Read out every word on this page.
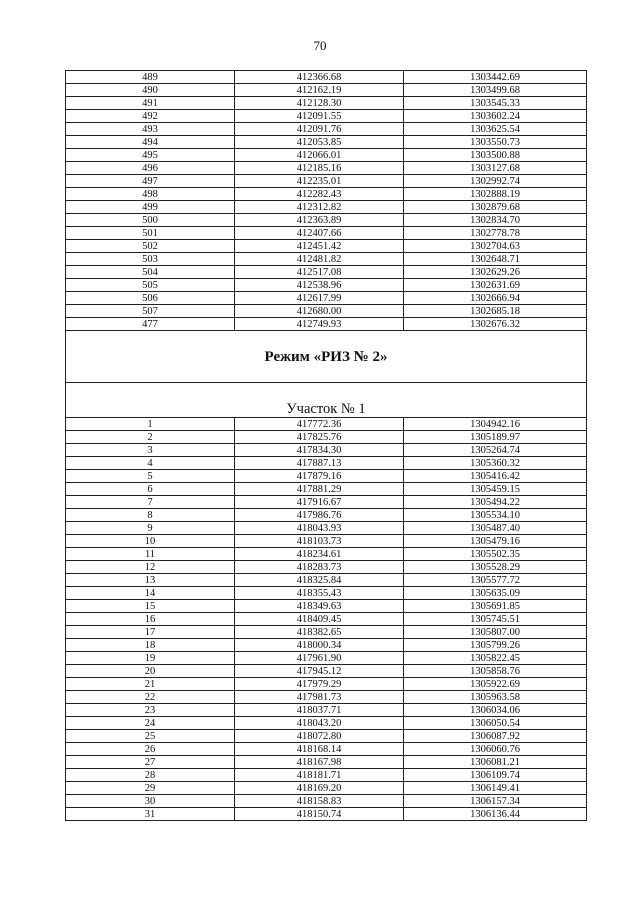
70
489	412366.68	1303442.69
490	412162.19	1303499.68
491	412128.30	1303545.33
492	412091.55	1303602.24
493	412091.76	1303625.54
494	412053.85	1303550.73
495	412066.01	1303500.88
496	412185.16	1303127.68
497	412235.01	1302992.74
498	412282.43	1302888.19
499	412312.82	1302879.68
500	412363.89	1302834.70
501	412407.66	1302778.78
502	412451.42	1302704.63
503	412481.82	1302648.71
504	412517.08	1302629.26
505	412538.96	1302631.69
506	412617.99	1302666.94
507	412680.00	1302685.18
477	412749.93	1302676.32
Режим «РИЗ № 2»		
Участок № 1		
1	417772.36	1304942.16
2	417825.76	1305189.97
3	417834.30	1305264.74
4	417887.13	1305360.32
5	417879.16	1305416.42
6	417881.29	1305459.15
7	417916.67	1305494.22
8	417986.76	1305534.10
9	418043.93	1305487.40
10	418103.73	1305479.16
11	418234.61	1305502.35
12	418283.73	1305528.29
13	418325.84	1305577.72
14	418355.43	1305635.09
15	418349.63	1305691.85
16	418409.45	1305745.51
17	418382.65	1305807.00
18	418000.34	1305799.26
19	417961.90	1305822.45
20	417945.12	1305858.76
21	417979.29	1305922.69
22	417981.73	1305963.58
23	418037.71	1306034.06
24	418043.20	1306050.54
25	418072.80	1306087.92
26	418168.14	1306060.76
27	418167.98	1306081.21
28	418181.71	1306109.74
29	418169.20	1306149.41
30	418158.83	1306157.34
31	418150.74	1306136.44
